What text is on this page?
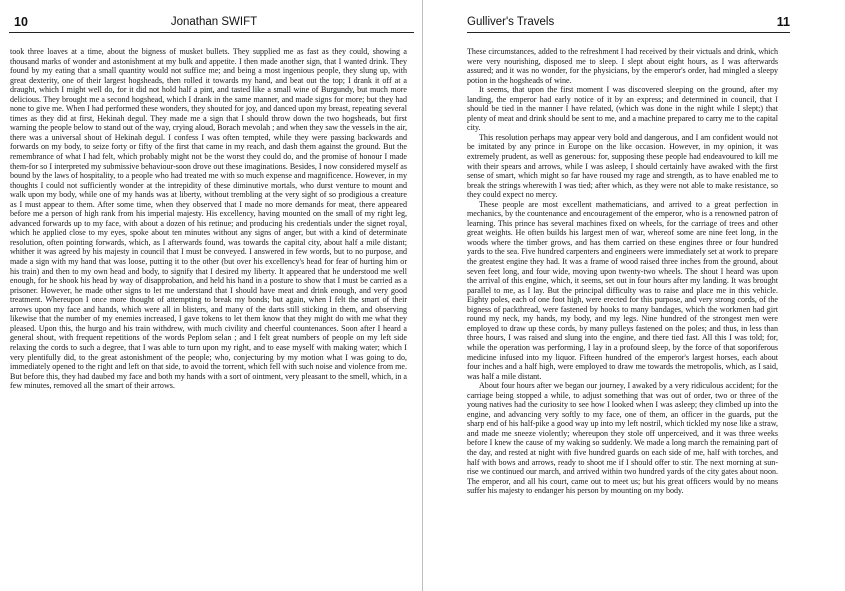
10	Jonathan SWIFT

took three loaves at a time, about the bigness of musket bullets. They supplied me as fast as they could, showing a thousand marks of wonder and astonishment at my bulk and appetite. I then made another sign, that I wanted drink. They found by my eating that a small quantity would not suffice me; and being a most ingenious people, they slung up, with great dexterity, one of their largest hogsheads, then rolled it towards my hand, and beat out the top; I drank it off at a draught, which I might well do, for it did not hold half a pint, and tasted like a small wine of Burgundy, but much more delicious. They brought me a second hogshead, which I drank in the same manner, and made signs for more; but they had none to give me. When I had performed these wonders, they shouted for joy, and danced upon my breast, repeating several times as they did at first, Hekinah degul. They made me a sign that I should throw down the two hogsheads, but first warning the people below to stand out of the way, crying aloud, Borach mevolah ; and when they saw the vessels in the air, there was a universal shout of Hekinah degul. I confess I was often tempted, while they were passing backwards and forwards on my body, to seize forty or fifty of the first that came in my reach, and dash them against the ground. But the remembrance of what I had felt, which probably might not be the worst they could do, and the promise of honour I made them-for so I interpreted my submissive behaviour-soon drove out these imaginations. Besides, I now considered myself as bound by the laws of hospitality, to a people who had treated me with so much expense and magnificence. However, in my thoughts I could not sufficiently wonder at the intrepidity of these diminutive mortals, who durst venture to mount and walk upon my body, while one of my hands was at liberty, without trembling at the very sight of so prodigious a creature as I must appear to them. After some time, when they observed that I made no more demands for meat, there appeared before me a person of high rank from his imperial majesty. His excellency, having mounted on the small of my right leg, advanced forwards up to my face, with about a dozen of his retinue; and producing his credentials under the signet royal, which he applied close to my eyes, spoke about ten minutes without any signs of anger, but with a kind of determinate resolution, often pointing forwards, which, as I afterwards found, was towards the capital city, about half a mile distant; whither it was agreed by his majesty in council that I must be conveyed. I answered in few words, but to no purpose, and made a sign with my hand that was loose, putting it to the other (but over his excellency's head for fear of hurting him or his train) and then to my own head and body, to signify that I desired my liberty. It appeared that he understood me well enough, for he shook his head by way of disapprobation, and held his hand in a posture to show that I must be carried as a prisoner. However, he made other signs to let me understand that I should have meat and drink enough, and very good treatment. Whereupon I once more thought of attempting to break my bonds; but again, when I felt the smart of their arrows upon my face and hands, which were all in blisters, and many of the darts still sticking in them, and observing likewise that the number of my enemies increased, I gave tokens to let them know that they might do with me what they pleased. Upon this, the hurgo and his train withdrew, with much civility and cheerful countenances. Soon after I heard a general shout, with frequent repetitions of the words Peplom selan ; and I felt great numbers of people on my left side relaxing the cords to such a degree, that I was able to turn upon my right, and to ease myself with making water; which I very plentifully did, to the great astonishment of the people; who, conjecturing by my motion what I was going to do, immediately opened to the right and left on that side, to avoid the torrent, which fell with such noise and violence from me. But before this, they had daubed my face and both my hands with a sort of ointment, very pleasant to the smell, which, in a few minutes, removed all the smart of their arrows.

Gulliver's Travels	11

These circumstances, added to the refreshment I had received by their victuals and drink, which were very nourishing, disposed me to sleep. I slept about eight hours, as I was afterwards assured; and it was no wonder, for the physicians, by the emperor's order, had mingled a sleepy potion in the hogsheads of wine.

It seems, that upon the first moment I was discovered sleeping on the ground, after my landing, the emperor had early notice of it by an express; and determined in council, that I should be tied in the manner I have related, (which was done in the night while I slept;) that plenty of meat and drink should be sent to me, and a machine prepared to carry me to the capital city.

This resolution perhaps may appear very bold and dangerous, and I am confident would not be imitated by any prince in Europe on the like occasion. However, in my opinion, it was extremely prudent, as well as generous: for, supposing these people had endeavoured to kill me with their spears and arrows, while I was asleep, I should certainly have awaked with the first sense of smart, which might so far have roused my rage and strength, as to have enabled me to break the strings wherewith I was tied; after which, as they were not able to make resistance, so they could expect no mercy.

These people are most excellent mathematicians, and arrived to a great perfection in mechanics, by the countenance and encouragement of the emperor, who is a renowned patron of learning. This prince has several machines fixed on wheels, for the carriage of trees and other great weights. He often builds his largest men of war, whereof some are nine feet long, in the woods where the timber grows, and has them carried on these engines three or four hundred yards to the sea. Five hundred carpenters and engineers were immediately set at work to prepare the greatest engine they had. It was a frame of wood raised three inches from the ground, about seven feet long, and four wide, moving upon twenty-two wheels. The shout I heard was upon the arrival of this engine, which, it seems, set out in four hours after my landing. It was brought parallel to me, as I lay. But the principal difficulty was to raise and place me in this vehicle. Eighty poles, each of one foot high, were erected for this purpose, and very strong cords, of the bigness of packthread, were fastened by hooks to many bandages, which the workmen had girt round my neck, my hands, my body, and my legs. Nine hundred of the strongest men were employed to draw up these cords, by many pulleys fastened on the poles; and thus, in less than three hours, I was raised and slung into the engine, and there tied fast. All this I was told; for, while the operation was performing, I lay in a profound sleep, by the force of that soporiferous medicine infused into my liquor. Fifteen hundred of the emperor's largest horses, each about four inches and a half high, were employed to draw me towards the metropolis, which, as I said, was half a mile distant.

About four hours after we began our journey, I awaked by a very ridiculous accident; for the carriage being stopped a while, to adjust something that was out of order, two or three of the young natives had the curiosity to see how I looked when I was asleep; they climbed up into the engine, and advancing very softly to my face, one of them, an officer in the guards, put the sharp end of his half-pike a good way up into my left nostril, which tickled my nose like a straw, and made me sneeze violently; whereupon they stole off unperceived, and it was three weeks before I knew the cause of my waking so suddenly. We made a long march the remaining part of the day, and rested at night with five hundred guards on each side of me, half with torches, and half with bows and arrows, ready to shoot me if I should offer to stir. The next morning at sun-rise we continued our march, and arrived within two hundred yards of the city gates about noon. The emperor, and all his court, came out to meet us; but his great officers would by no means suffer his majesty to endanger his person by mounting on my body.
